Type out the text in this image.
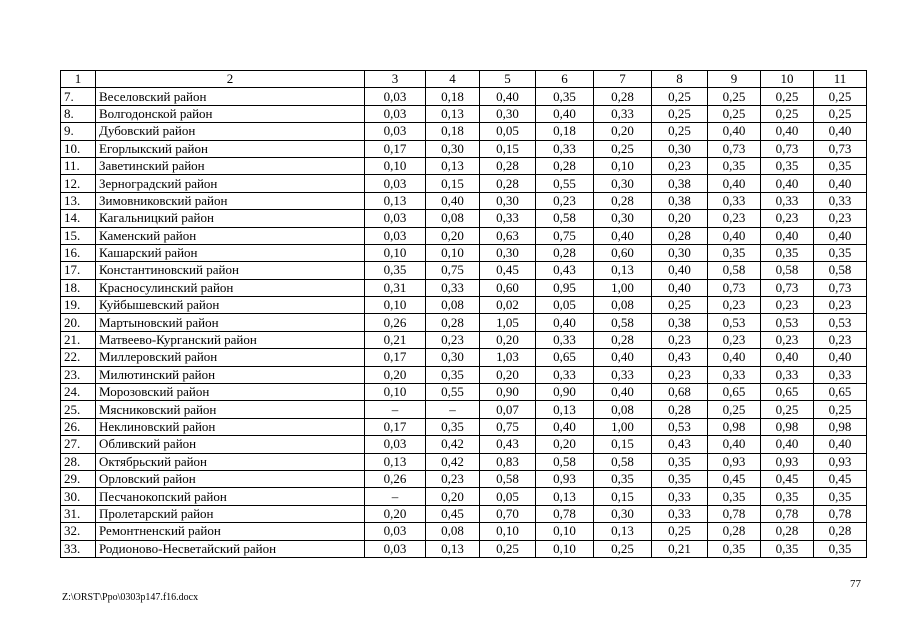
1	2	3	4	5	6	7	8	9	10	11
7.	Веселовский район	0,03	0,18	0,40	0,35	0,28	0,25	0,25	0,25	0,25
8.	Волгодонской район	0,03	0,13	0,30	0,40	0,33	0,25	0,25	0,25	0,25
9.	Дубовский район	0,03	0,18	0,05	0,18	0,20	0,25	0,40	0,40	0,40
10.	Егорлыкский район	0,17	0,30	0,15	0,33	0,25	0,30	0,73	0,73	0,73
11.	Заветинский район	0,10	0,13	0,28	0,28	0,10	0,23	0,35	0,35	0,35
12.	Зерноградский район	0,03	0,15	0,28	0,55	0,30	0,38	0,40	0,40	0,40
13.	Зимовниковский район	0,13	0,40	0,30	0,23	0,28	0,38	0,33	0,33	0,33
14.	Кагальницкий район	0,03	0,08	0,33	0,58	0,30	0,20	0,23	0,23	0,23
15.	Каменский район	0,03	0,20	0,63	0,75	0,40	0,28	0,40	0,40	0,40
16.	Кашарский район	0,10	0,10	0,30	0,28	0,60	0,30	0,35	0,35	0,35
17.	Константиновский район	0,35	0,75	0,45	0,43	0,13	0,40	0,58	0,58	0,58
18.	Красносулинский район	0,31	0,33	0,60	0,95	1,00	0,40	0,73	0,73	0,73
19.	Куйбышевский район	0,10	0,08	0,02	0,05	0,08	0,25	0,23	0,23	0,23
20.	Мартыновский район	0,26	0,28	1,05	0,40	0,58	0,38	0,53	0,53	0,53
21.	Матвеево-Курганский район	0,21	0,23	0,20	0,33	0,28	0,23	0,23	0,23	0,23
22.	Миллеровский район	0,17	0,30	1,03	0,65	0,40	0,43	0,40	0,40	0,40
23.	Милютинский район	0,20	0,35	0,20	0,33	0,33	0,23	0,33	0,33	0,33
24.	Морозовский район	0,10	0,55	0,90	0,90	0,40	0,68	0,65	0,65	0,65
25.	Мясниковский район	–	–	0,07	0,13	0,08	0,28	0,25	0,25	0,25
26.	Неклиновский район	0,17	0,35	0,75	0,40	1,00	0,53	0,98	0,98	0,98
27.	Обливский район	0,03	0,42	0,43	0,20	0,15	0,43	0,40	0,40	0,40
28.	Октябрьский район	0,13	0,42	0,83	0,58	0,58	0,35	0,93	0,93	0,93
29.	Орловский район	0,26	0,23	0,58	0,93	0,35	0,35	0,45	0,45	0,45
30.	Песчанокопский район	–	0,20	0,05	0,13	0,15	0,33	0,35	0,35	0,35
31.	Пролетарский район	0,20	0,45	0,70	0,78	0,30	0,33	0,78	0,78	0,78
32.	Ремонтненский район	0,03	0,08	0,10	0,10	0,13	0,25	0,28	0,28	0,28
33.	Родионово-Несветайский район	0,03	0,13	0,25	0,10	0,25	0,21	0,35	0,35	0,35
77
Z:\ORST\Ppo\0303p147.f16.docx
